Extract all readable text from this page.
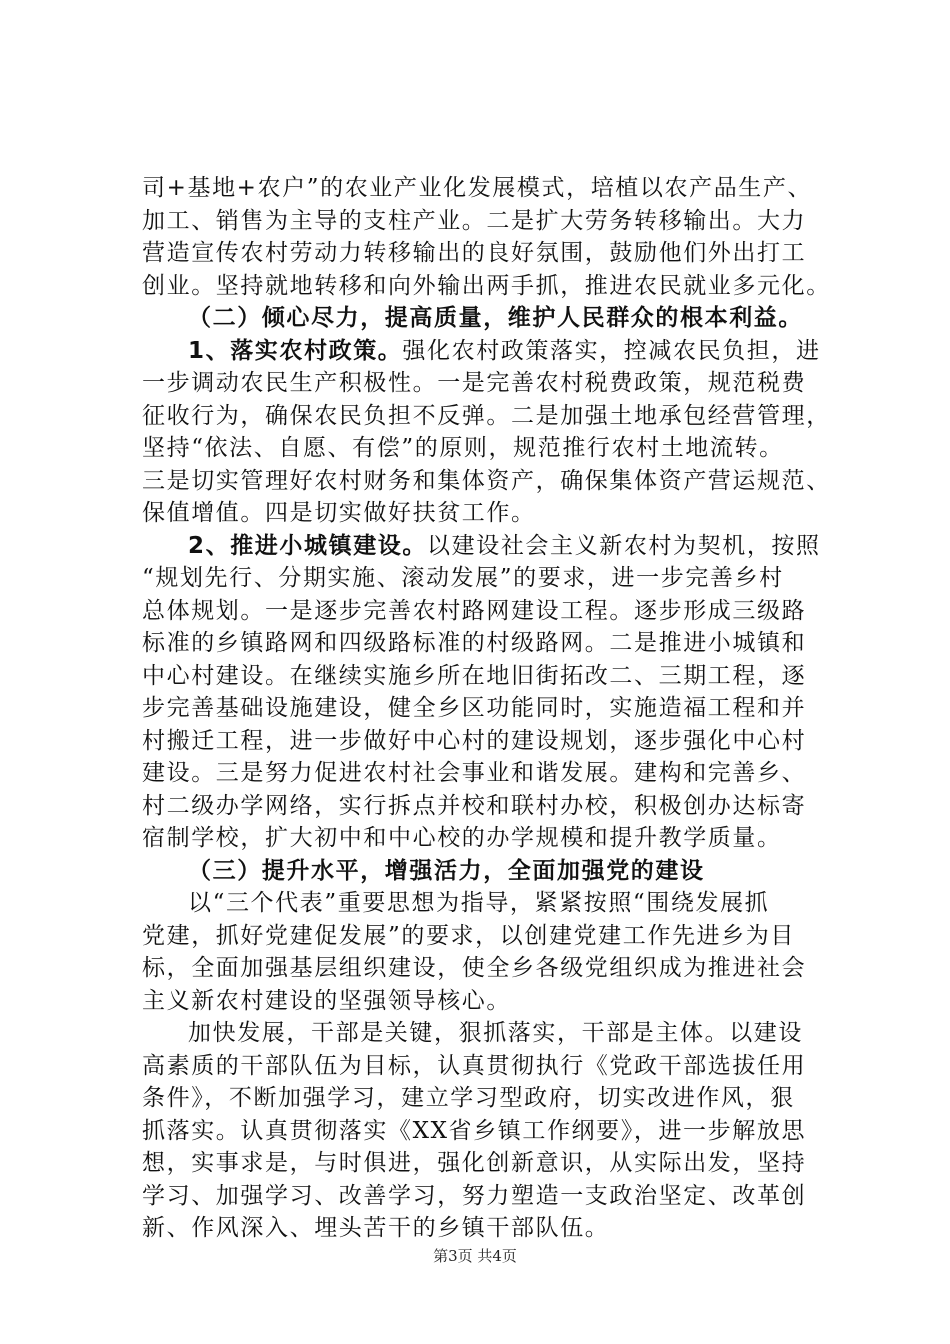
司+基地+农户”的农业产业化发展模式，培植以农产品生产、
加工、销售为主导的支柱产业。二是扩大劳务转移输出。大力
营造宣传农村劳动力转移输出的良好氛围，鼓励他们外出打工
创业。坚持就地转移和向外输出两手抓，推进农民就业多元化。
（二）倾心尽力，提高质量，维护人民群众的根本利益。
1、落实农村政策。强化农村政策落实，控减农民负担，进
一步调动农民生产积极性。一是完善农村税费政策，规范税费
征收行为，确保农民负担不反弹。二是加强土地承包经营管理，
坚持“依法、自愿、有偿”的原则，规范推行农村土地流转。
三是切实管理好农村财务和集体资产，确保集体资产营运规范、
保值增值。四是切实做好扶贫工作。
2、推进小城镇建设。以建设社会主义新农村为契机，按照
“规划先行、分期实施、滚动发展”的要求，进一步完善乡村
总体规划。一是逐步完善农村路网建设工程。逐步形成三级路
标准的乡镇路网和四级路标准的村级路网。二是推进小城镇和
中心村建设。在继续实施乡所在地旧街拓改二、三期工程，逐
步完善基础设施建设，健全乡区功能同时，实施造福工程和并
村搬迁工程，进一步做好中心村的建设规划，逐步强化中心村
建设。三是努力促进农村社会事业和谐发展。建构和完善乡、
村二级办学网络，实行拆点并校和联村办校，积极创办达标寄
宿制学校，扩大初中和中心校的办学规模和提升教学质量。
（三）提升水平，增强活力，全面加强党的建设
以“三个代表”重要思想为指导，紧紧按照“围绕发展抓
党建，抓好党建促发展”的要求，以创建党建工作先进乡为目
标，全面加强基层组织建设，使全乡各级党组织成为推进社会
主义新农村建设的坚强领导核心。
加快发展，干部是关键，狠抓落实，干部是主体。以建设
高素质的干部队伍为目标，认真贯彻执行《党政干部选拔任用
条件》，不断加强学习，建立学习型政府，切实改进作风，狠
抓落实。认真贯彻落实《XX省乡镇工作纲要》，进一步解放思
想，实事求是，与时俱进，强化创新意识，从实际出发，坚持
学习、加强学习、改善学习，努力塑造一支政治坚定、改革创
新、作风深入、埋头苦干的乡镇干部队伍。
第3页 共4页
